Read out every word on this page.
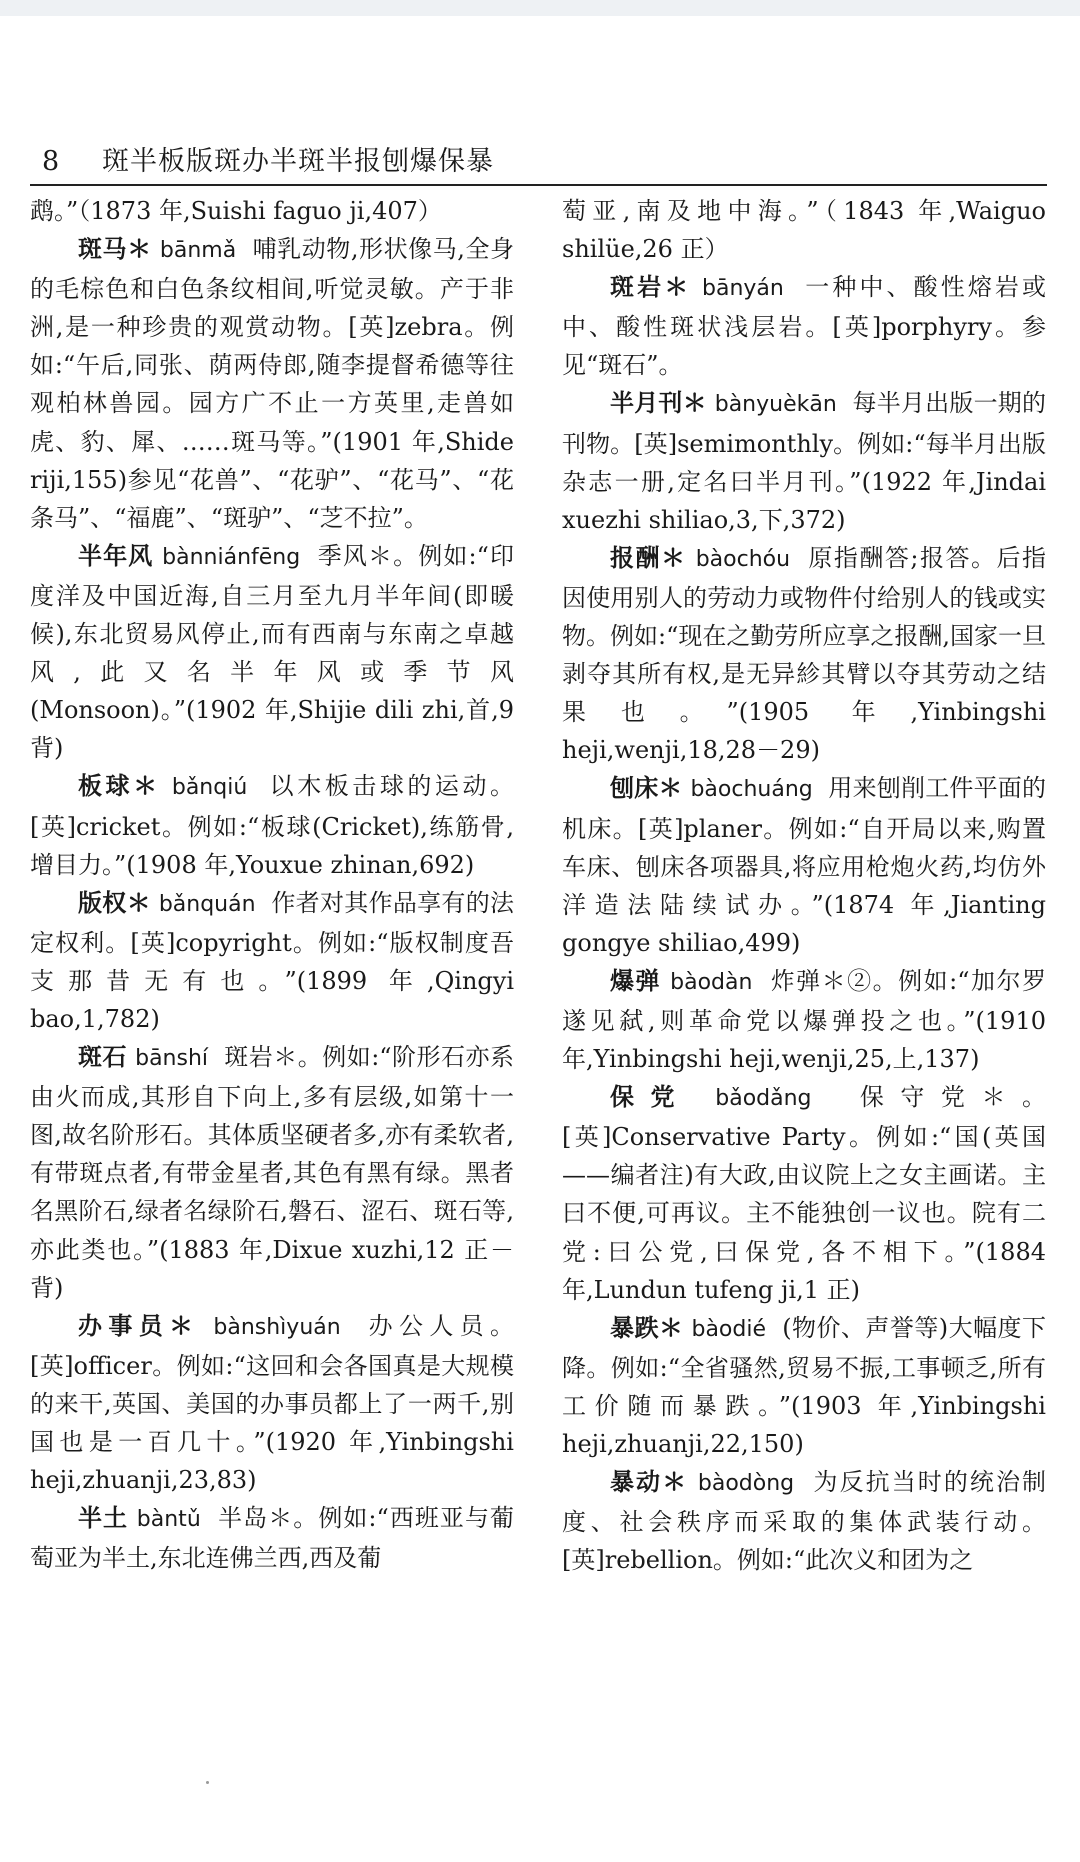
8 斑半板版斑办半斑半报刨爆保暴

鹉。”（1873 年,Suishi faguo ji,407）

斑马＊ bānmǎ 哺乳动物,形状像马,全身的毛棕色和白色条纹相间,听觉灵敏。产于非洲,是一种珍贵的观赏动物。[英]zebra。例如:“午后,同张、荫两侍郎,随李提督希德等往观柏林兽园。园方广不止一方英里,走兽如虎、豹、犀、……斑马等。”(1901 年,Shide riji,155)参见“花兽”、“花驴”、“花马”、“花条马”、“福鹿”、“斑驴”、“芝不拉”。

半年风 bànniánfēng 季风＊。例如:“印度洋及中国近海,自三月至九月半年间(即暖候),东北贸易风停止,而有西南与东南之卓越风,此又名半年风或季节风(Monsoon)。”(1902 年,Shijie dili zhi,首,9 背)

板球＊ bǎnqiú 以木板击球的运动。[英]cricket。例如:“板球(Cricket),练筋骨,增目力。”(1908 年,Youxue zhinan,692)

版权＊ bǎnquán 作者对其作品享有的法定权利。[英]copyright。例如:“版权制度吾支那昔无有也。”(1899 年,Qingyi bao,1,782)

斑石 bānshí 斑岩＊。例如:“阶形石亦系由火而成,其形自下向上,多有层级,如第十一图,故名阶形石。其体质坚硬者多,亦有柔软者,有带斑点者,有带金星者,其色有黑有绿。黑者名黑阶石,绿者名绿阶石,磐石、涩石、斑石等,亦此类也。”(1883 年,Dixue xuzhi,12 正－背)

办事员＊ bànshìyuán 办公人员。[英]officer。例如:“这回和会各国真是大规模的来干,英国、美国的办事员都上了一两千,别国也是一百几十。”(1920 年,Yinbingshi heji,zhuanji,23,83)

半土 bàntǔ 半岛＊。例如:“西班亚与葡萄亚为半土,东北连佛兰西,西及葡

萄亚,南及地中海。”（1843 年,Waiguo shilüe,26 正）

斑岩＊ bānyán 一种中、酸性熔岩或中、酸性斑状浅层岩。[英]porphyry。参见“斑石”。

半月刊＊ bànyuèkān 每半月出版一期的刊物。[英]semimonthly。例如:“每半月出版杂志一册,定名曰半月刊。”(1922 年,Jindai xuezhi shiliao,3,下,372)

报酬＊ bàochóu 原指酬答;报答。后指因使用别人的劳动力或物件付给别人的钱或实物。例如:“现在之勤劳所应享之报酬,国家一旦剥夺其所有权,是无异紾其臂以夺其劳动之结果也。”(1905 年,Yinbingshi heji,wenji,18,28－29)

刨床＊ bàochuáng 用来刨削工件平面的机床。[英]planer。例如:“自开局以来,购置车床、刨床各项器具,将应用枪炮火药,均仿外洋造法陆续试办。”(1874 年,Jianting gongye shiliao,499)

爆弹 bàodàn 炸弹＊②。例如:“加尔罗遂见弑,则革命党以爆弹投之也。”(1910 年,Yinbingshi heji,wenji,25,上,137)

保党 bǎodǎng 保守党＊。[英]Conservative Party。例如:“国(英国——编者注)有大政,由议院上之女主画诺。主曰不便,可再议。主不能独创一议也。院有二党:曰公党,曰保党,各不相下。”(1884 年,Lundun tufeng ji,1 正)

暴跌＊ bàodié (物价、声誉等)大幅度下降。例如:“全省骚然,贸易不振,工事顿乏,所有工价随而暴跌。”(1903 年,Yinbingshi heji,zhuanji,22,150)

暴动＊ bàodòng 为反抗当时的统治制度、社会秩序而采取的集体武装行动。[英]rebellion。例如:“此次义和团为之
